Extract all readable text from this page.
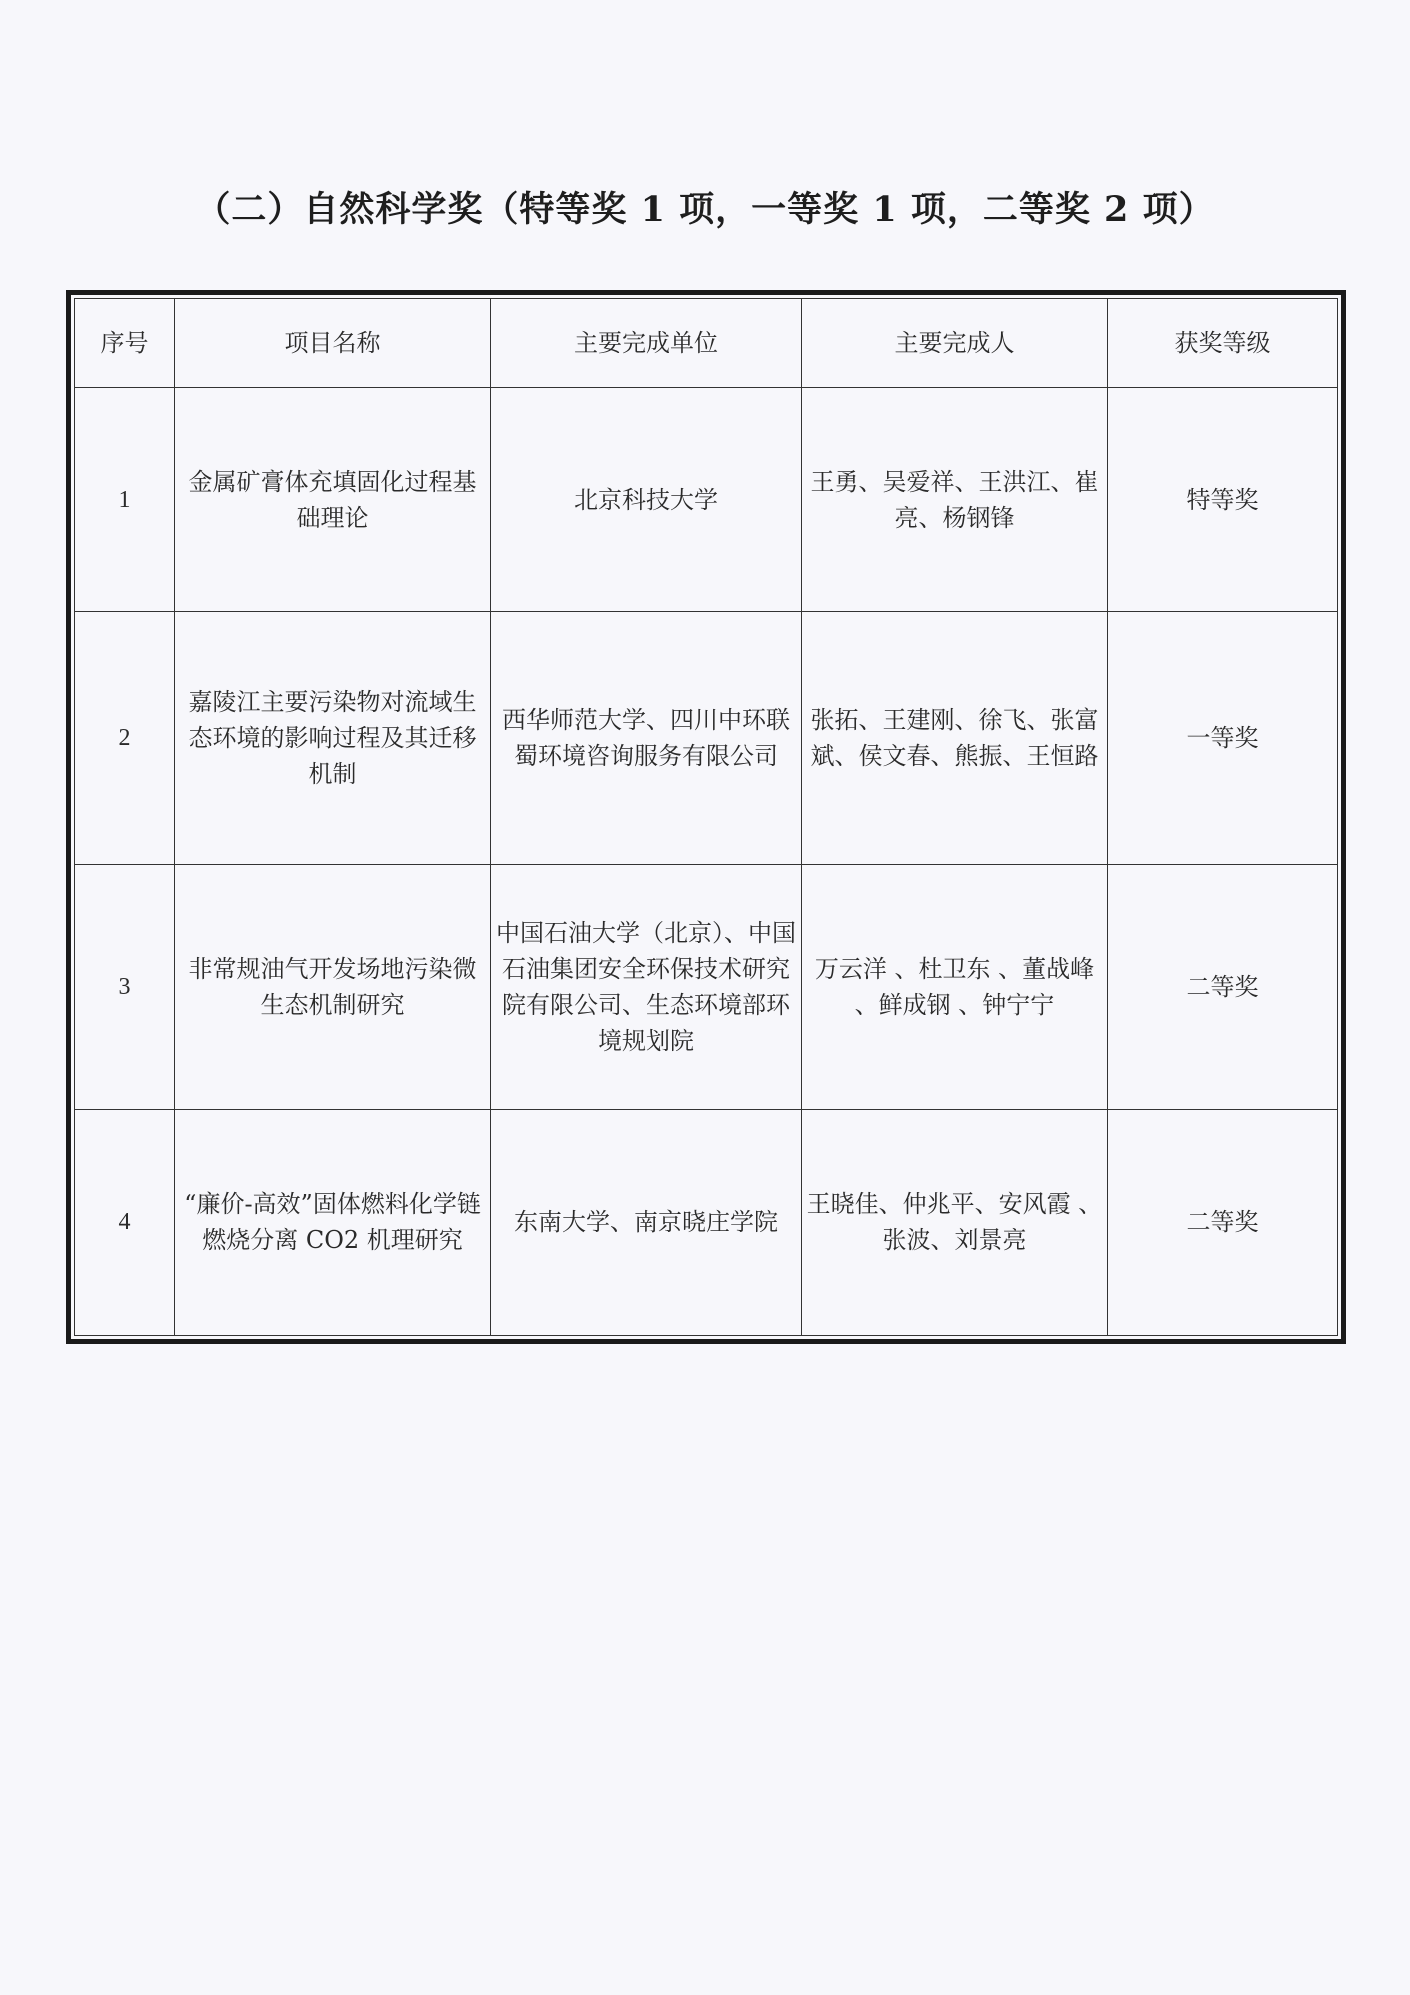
（二）自然科学奖（特等奖 1 项，一等奖 1 项，二等奖 2 项）
序号	项目名称	主要完成单位	主要完成人	获奖等级
1	金属矿膏体充填固化过程基础理论	北京科技大学	王勇、吴爱祥、王洪江、崔亮、杨钢锋	特等奖
2	嘉陵江主要污染物对流域生态环境的影响过程及其迁移机制	西华师范大学、四川中环联蜀环境咨询服务有限公司	张拓、王建刚、徐飞、张富斌、侯文春、熊振、王恒路	一等奖
3	非常规油气开发场地污染微生态机制研究	中国石油大学（北京）、中国石油集团安全环保技术研究院有限公司、生态环境部环境规划院	万云洋 、杜卫东 、董战峰 、鲜成钢 、钟宁宁	二等奖
4	“廉价-高效”固体燃料化学链燃烧分离 CO2 机理研究	东南大学、南京晓庄学院	王晓佳、仲兆平、安风霞 、张波、刘景亮	二等奖
